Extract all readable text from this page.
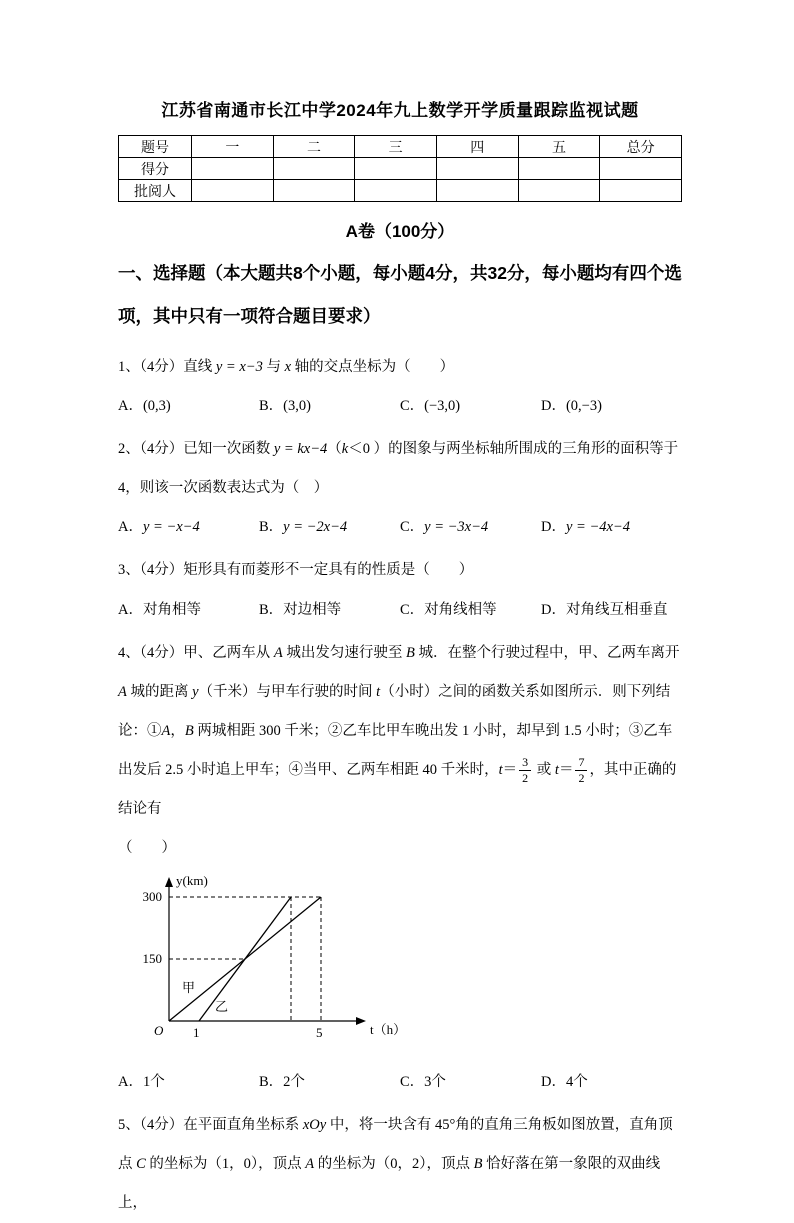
江苏省南通市长江中学2024年九上数学开学质量跟踪监视试题
题号	一	二	三	四	五	总分
得分						
批阅人						
A卷（100分）
一、选择题（本大题共8个小题，每小题4分，共32分，每小题均有四个选项，其中只有一项符合题目要求）

1、（4分）直线 y = x−3 与 x 轴的交点坐标为（　　）

A．(0,3)	B．(3,0)	C．(−3,0)	D．(0,−3)

2、（4分）已知一次函数 y = kx−4（k＜0 ）的图象与两坐标轴所围成的三角形的面积等于4，则该一次函数表达式为（　）

A．y = −x−4	B．y = −2x−4	C．y = −3x−4	D．y = −4x−4

3、（4分）矩形具有而菱形不一定具有的性质是（　　）

A．对角相等	B．对边相等	C．对角线相等	D．对角线互相垂直

4、（4分）甲、乙两车从 A 城出发匀速行驶至 B 城．在整个行驶过程中，甲、乙两车离开 A 城的距离 y（千米）与甲车行驶的时间 t（小时）之间的函数关系如图所示．则下列结论：①A，B 两城相距 300 千米；②乙车比甲车晚出发 1 小时，却早到 1.5 小时；③乙车出发后 2.5 小时追上甲车；④当甲、乙两车相距 40 千米时，$t= \frac{3}{2}$ 或 $t= \frac{7}{2}$ ，其中正确的结论有
（　　）

y(km)
300
150
O 1	5	t（h）
甲
乙
A．1个	B．2个	C．3个	D．4个

5、（4分）在平面直角坐标系 xOy 中，将一块含有 45°角的直角三角板如图放置，直角顶点 C 的坐标为（1，0），顶点 A 的坐标为（0，2），顶点 B 恰好落在第一象限的双曲线上，
